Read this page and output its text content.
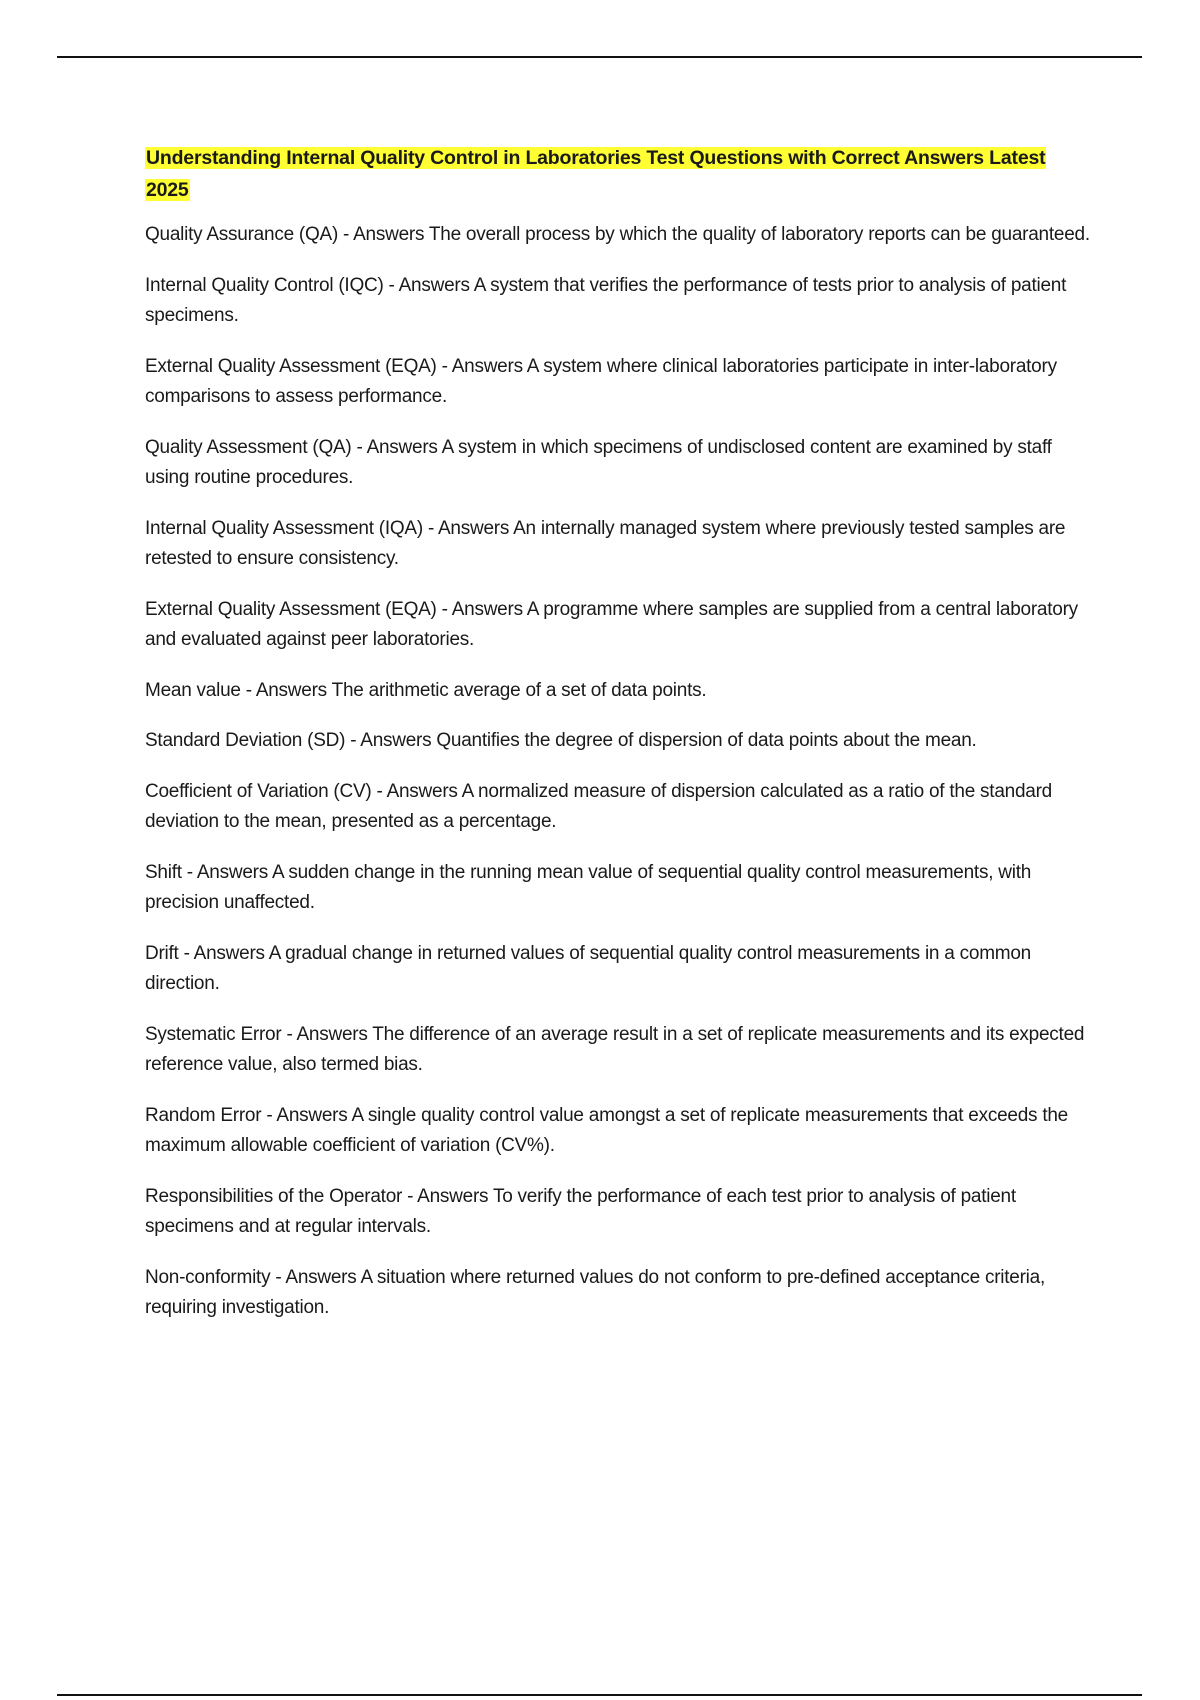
Understanding Internal Quality Control in Laboratories Test Questions with Correct Answers Latest 2025
Quality Assurance (QA) - Answers The overall process by which the quality of laboratory reports can be guaranteed.
Internal Quality Control (IQC) - Answers A system that verifies the performance of tests prior to analysis of patient specimens.
External Quality Assessment (EQA) - Answers A system where clinical laboratories participate in inter-laboratory comparisons to assess performance.
Quality Assessment (QA) - Answers A system in which specimens of undisclosed content are examined by staff using routine procedures.
Internal Quality Assessment (IQA) - Answers An internally managed system where previously tested samples are retested to ensure consistency.
External Quality Assessment (EQA) - Answers A programme where samples are supplied from a central laboratory and evaluated against peer laboratories.
Mean value - Answers The arithmetic average of a set of data points.
Standard Deviation (SD) - Answers Quantifies the degree of dispersion of data points about the mean.
Coefficient of Variation (CV) - Answers A normalized measure of dispersion calculated as a ratio of the standard deviation to the mean, presented as a percentage.
Shift - Answers A sudden change in the running mean value of sequential quality control measurements, with precision unaffected.
Drift - Answers A gradual change in returned values of sequential quality control measurements in a common direction.
Systematic Error - Answers The difference of an average result in a set of replicate measurements and its expected reference value, also termed bias.
Random Error - Answers A single quality control value amongst a set of replicate measurements that exceeds the maximum allowable coefficient of variation (CV%).
Responsibilities of the Operator - Answers To verify the performance of each test prior to analysis of patient specimens and at regular intervals.
Non-conformity - Answers A situation where returned values do not conform to pre-defined acceptance criteria, requiring investigation.
